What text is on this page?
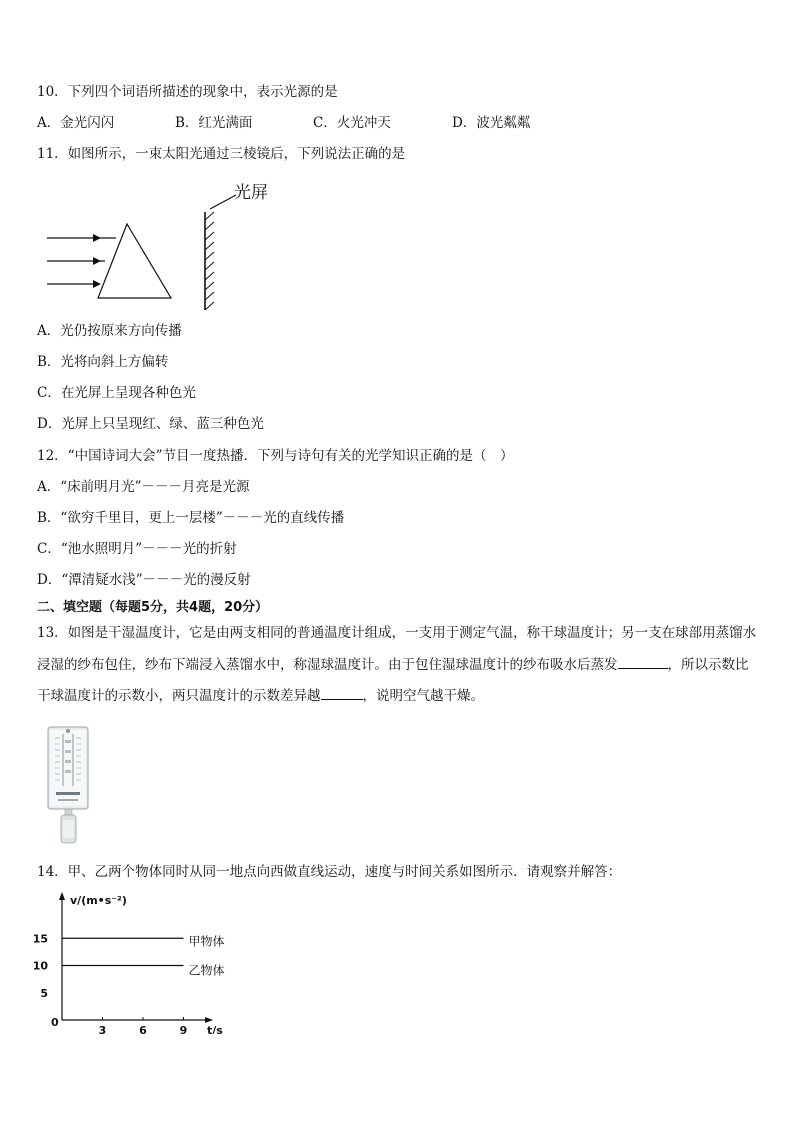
10．下列四个词语所描述的现象中，表示光源的是
A．金光闪闪	B．红光满面	C．火光冲天	D．波光粼粼
11．如图所示，一束太阳光通过三棱镜后，下列说法正确的是
光屏
A．光仍按原来方向传播
B．光将向斜上方偏转
C．在光屏上呈现各种色光
D．光屏上只呈现红、绿、蓝三种色光
12．“中国诗词大会”节目一度热播．下列与诗句有关的光学知识正确的是（　）
A．“床前明月光”－－－月亮是光源
B．“欲穷千里目，更上一层楼”－－－光的直线传播
C．“池水照明月”－－－光的折射
D．“潭清疑水浅”－－－光的漫反射
二、填空题（每题5分，共4题，20分）
13．如图是干湿温度计，它是由两支相同的普通温度计组成，一支用于测定气温，称干球温度计；另一支在球部用蒸馏水浸湿的纱布包住，纱布下端浸入蒸馏水中，称湿球温度计。由于包住湿球温度计的纱布吸水后蒸发	，所以示数比干球温度计的示数小，两只温度计的示数差异越	，说明空气越干燥。
14．甲、乙两个物体同时从同一地点向西做直线运动，速度与时间关系如图所示．请观察并解答：
v/(m•s⁻²)
t/s
0
3	6	9
5
10
15	甲物体
乙物体
